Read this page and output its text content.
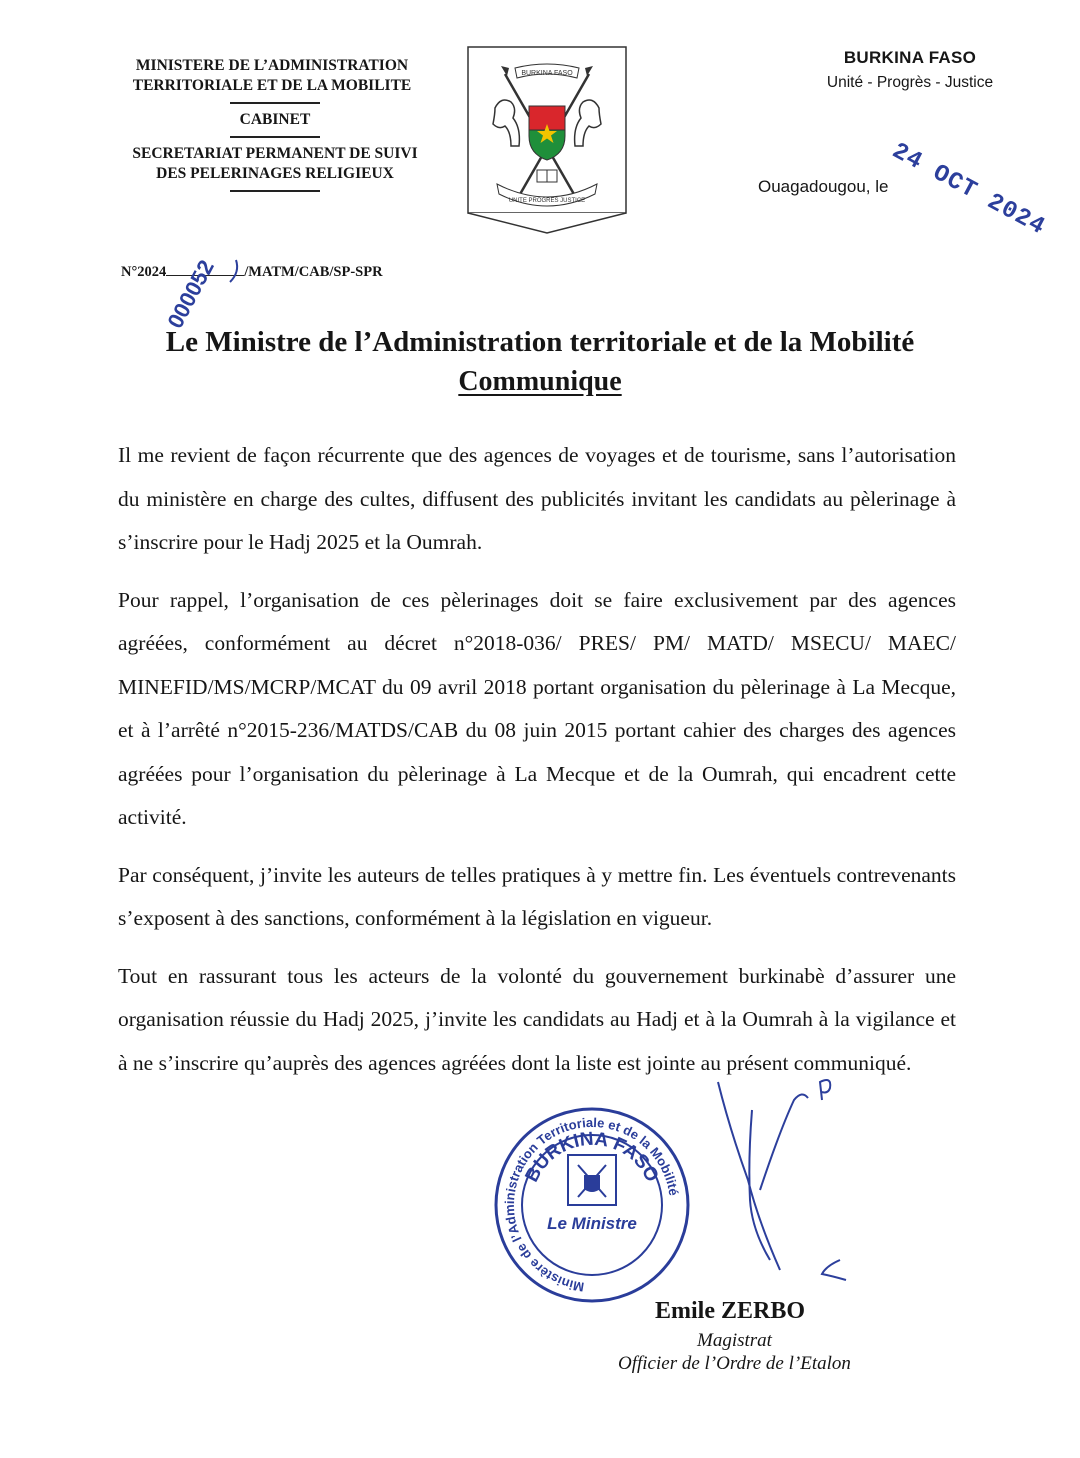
MINISTERE DE L’ADMINISTRATION
TERRITORIALE ET DE LA MOBILITE
CABINET
SECRETARIAT PERMANENT DE SUIVI
DES PELERINAGES RELIGIEUX
N°2024	/MATM/CAB/SP-SPR
000052
BURKINA FASO
UNITE PROGRES JUSTICE
BURKINA FASO
Unité - Progrès - Justice
Ouagadougou, le
24 OCT 2024
Le Ministre de l’Administration territoriale et de la Mobilité
Communique

Il me revient de façon récurrente que des agences de voyages et de tourisme, sans l’autorisation du ministère en charge des cultes, diffusent des publicités invitant les candidats au pèlerinage à s’inscrire pour le Hadj 2025 et la Oumrah.

Pour rappel, l’organisation de ces pèlerinages doit se faire exclusivement par des agences agréées, conformément au décret n°2018-036/ PRES/ PM/ MATD/ MSECU/ MAEC/ MINEFID/MS/MCRP/MCAT du 09 avril 2018 portant organisation du pèlerinage à La Mecque, et à l’arrêté n°2015-236/MATDS/CAB du 08 juin 2015 portant cahier des charges des agences agréées pour l’organisation du pèlerinage à La Mecque et de la Oumrah, qui encadrent cette activité.

Par conséquent, j’invite les auteurs de telles pratiques à y mettre fin. Les éventuels contrevenants s’exposent à des sanctions, conformément à la législation en vigueur.

Tout en rassurant tous les acteurs de la volonté du gouvernement burkinabè d’assurer une organisation réussie du Hadj 2025, j’invite les candidats au Hadj et à la Oumrah à la vigilance et à ne s’inscrire qu’auprès des agences agréées dont la liste est jointe au présent communiqué.

BURKINA FASO
Ministère de l’Administration Territoriale et de la Mobilité
Le Ministre
Emile ZERBO
Magistrat
Officier de l’Ordre de l’Etalon
